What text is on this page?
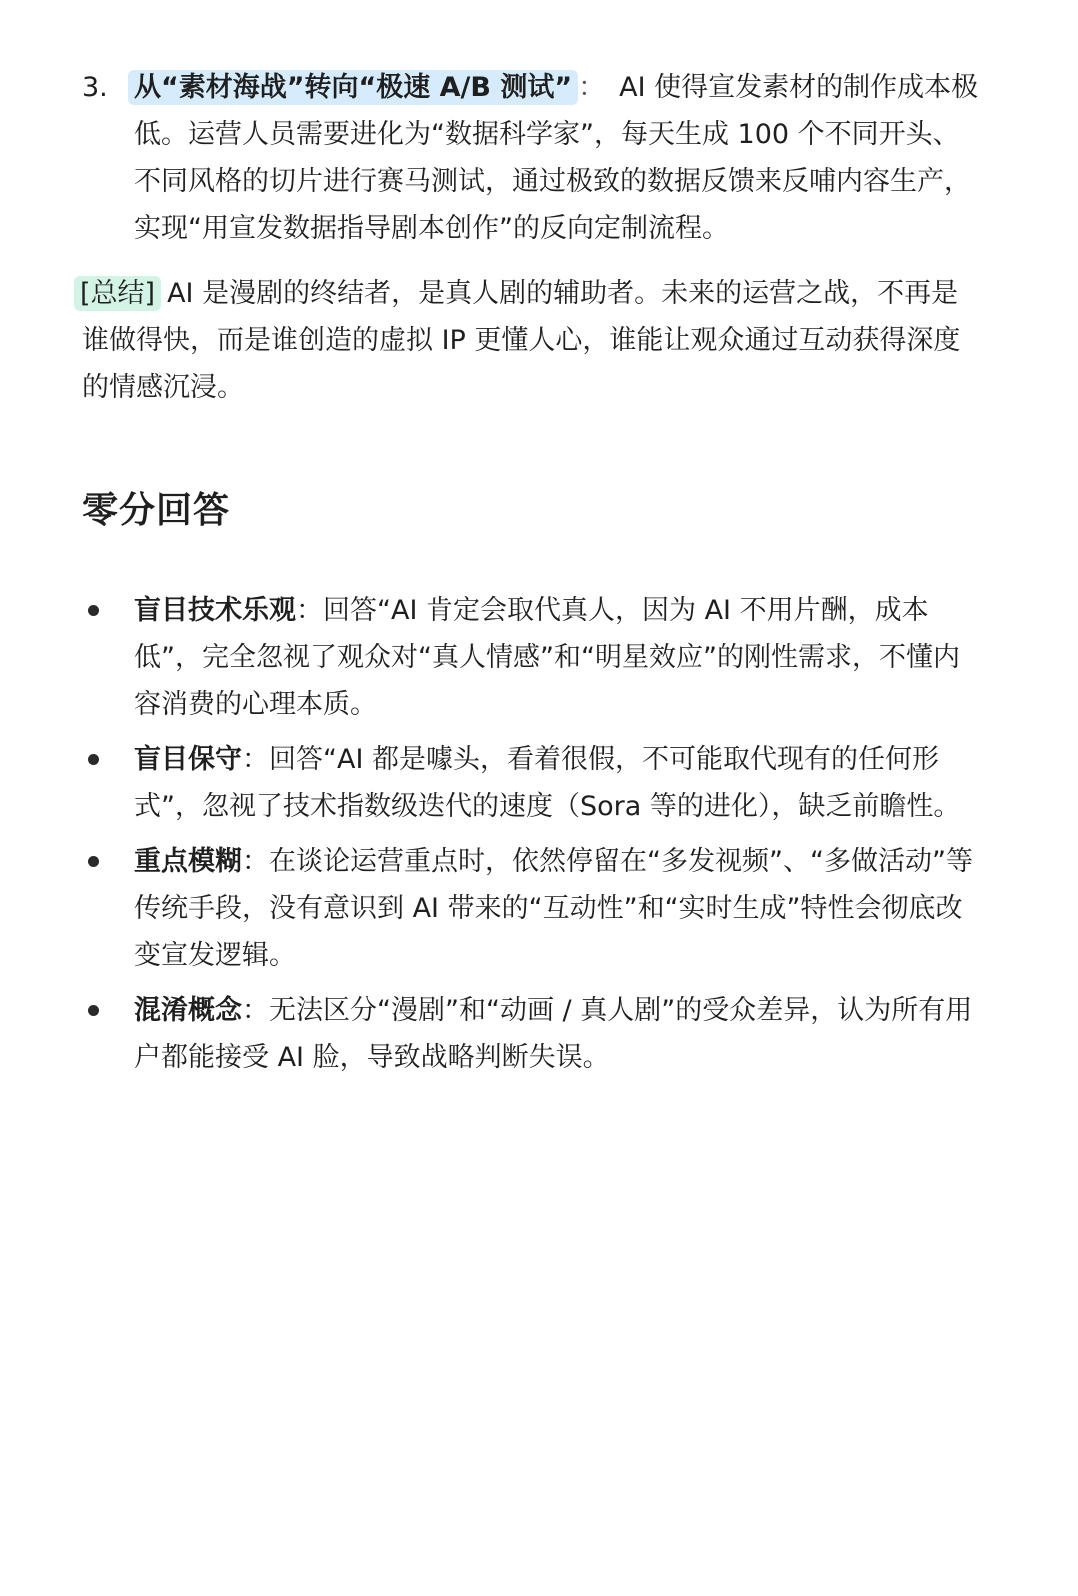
3. 从“素材海战”转向“极速 A/B 测试” ： AI 使得宣发素材的制作成本极低。运营人员需要进化为“数据科学家”，每天生成 100 个不同开头、不同风格的切片进行赛马测试，通过极致的数据反馈来反哺内容生产，实现“用宣发数据指导剧本创作”的反向定制流程。
[总结] AI 是漫剧的终结者，是真人剧的辅助者。未来的运营之战，不再是谁做得快，而是谁创造的虚拟 IP 更懂人心，谁能让观众通过互动获得深度的情感沉浸。
零分回答
盲目技术乐观：回答“AI 肯定会取代真人，因为 AI 不用片酬，成本低”，完全忽视了观众对“真人情感”和“明星效应”的刚性需求，不懂内容消费的心理本质。
盲目保守：回答“AI 都是噱头，看着很假，不可能取代现有的任何形式”，忽视了技术指数级迭代的速度（Sora 等的进化），缺乏前瞻性。
重点模糊：在谈论运营重点时，依然停留在“多发视频”、“多做活动”等传统手段，没有意识到 AI 带来的“互动性”和“实时生成”特性会彻底改变宣发逻辑。
混淆概念：无法区分“漫剧”和“动画 / 真人剧”的受众差异，认为所有用户都能接受 AI 脸，导致战略判断失误。
